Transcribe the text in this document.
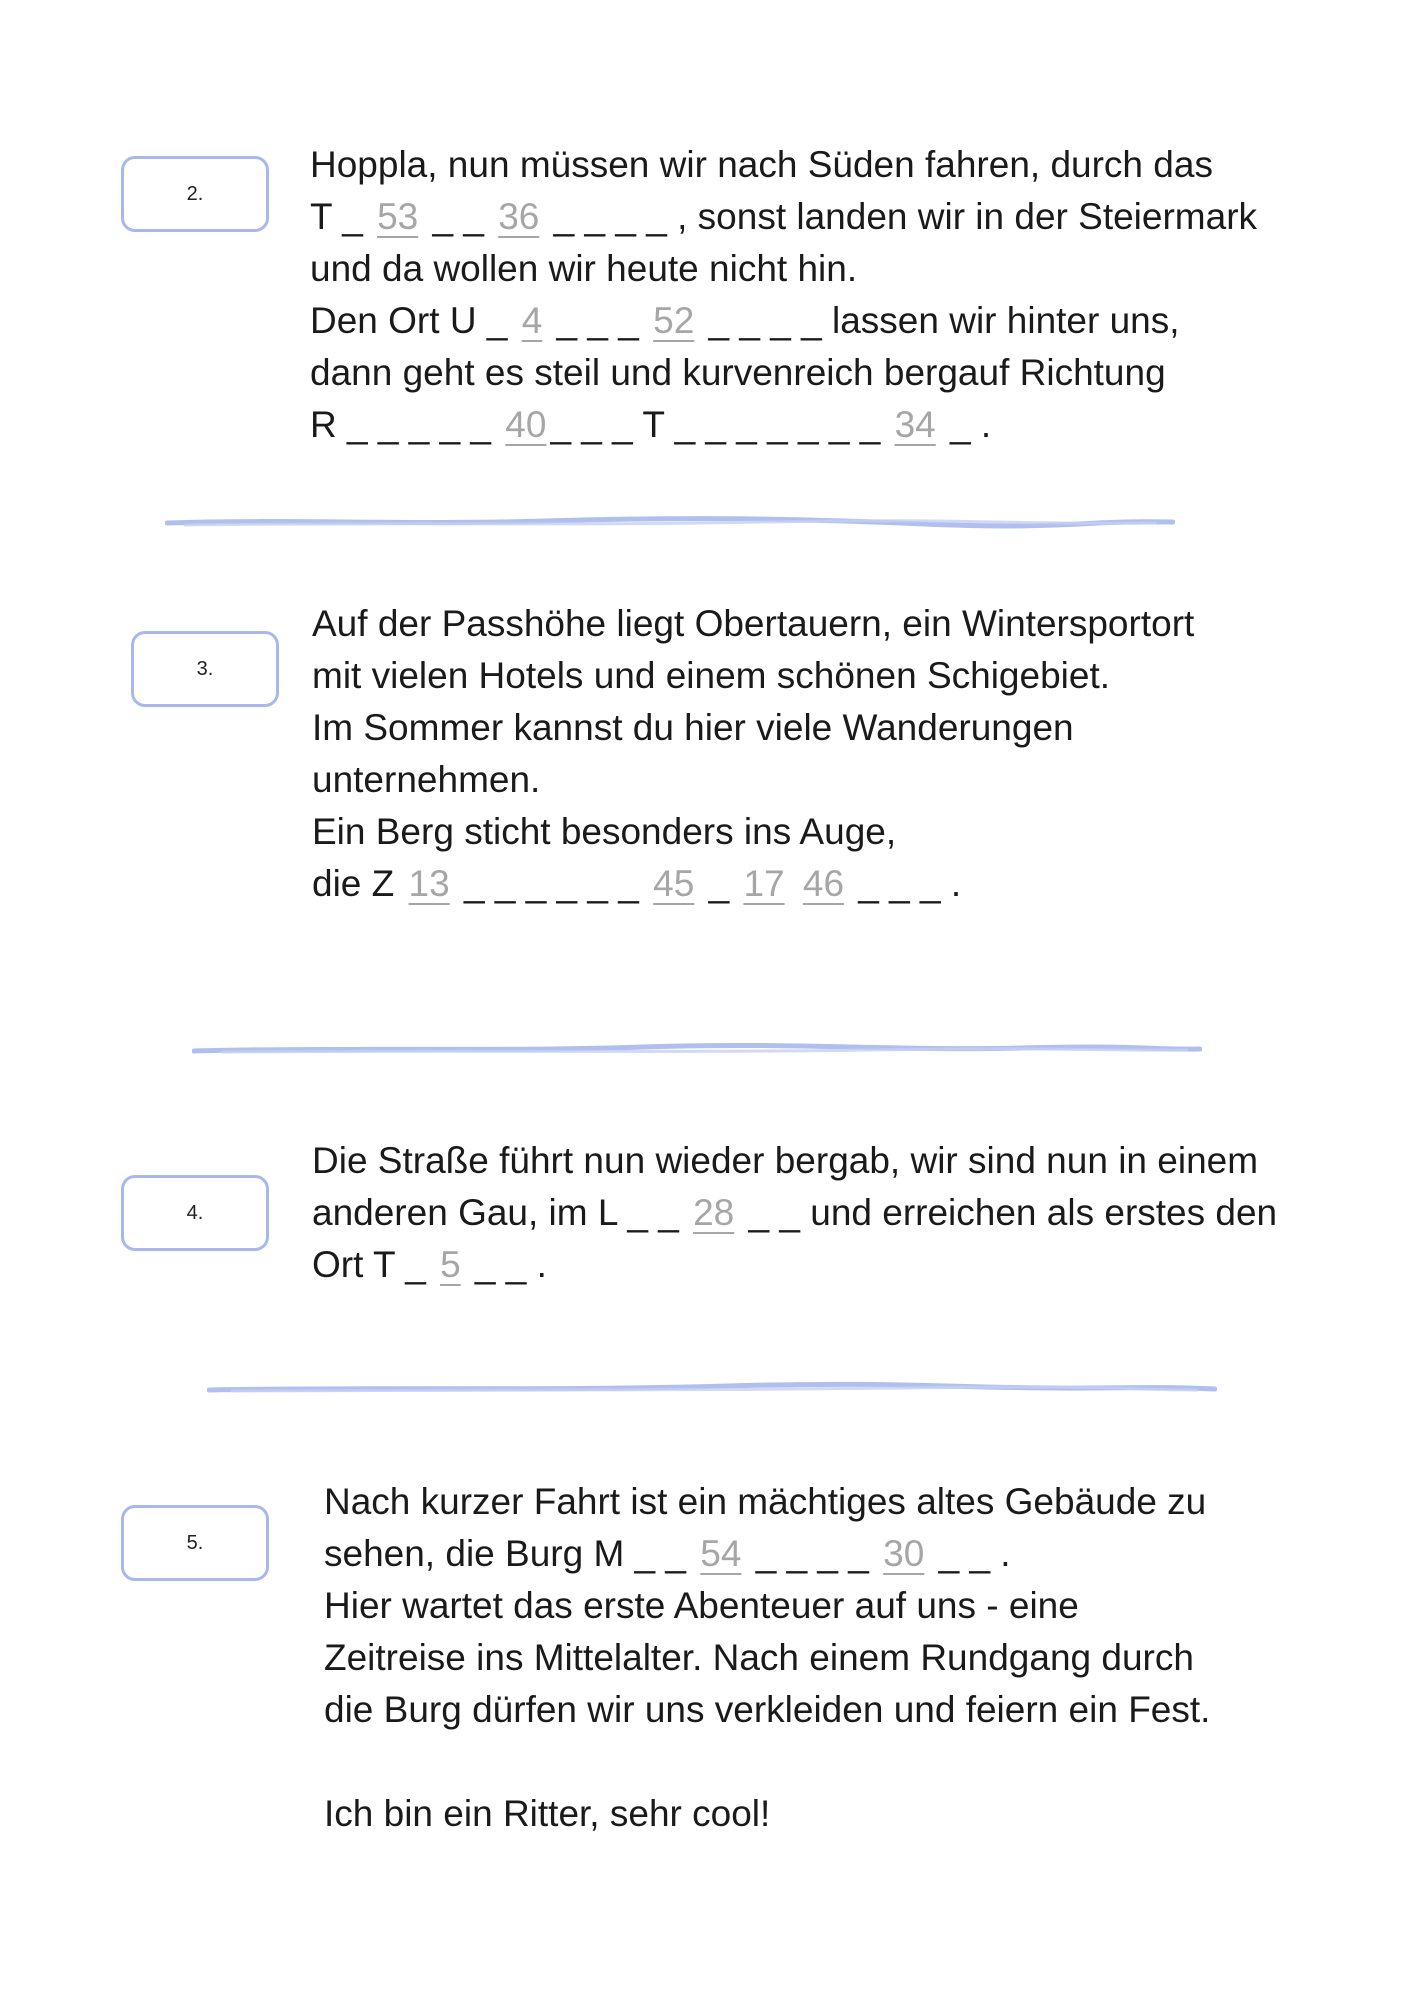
2.
Hoppla, nun müssen wir nach Süden fahren, durch das
T _ 53 _ _ 36 _ _ _ _ , sonst landen wir in der Steiermark
und da wollen wir heute nicht hin.
Den Ort U _ 4 _ _ _ 52 _ _ _ _ lassen wir hinter uns,
dann geht es steil und kurvenreich bergauf Richtung
R _ _ _ _ _ 40 _ _ _ T _ _ _ _ _ _ _ 34 _ .
3.
Auf der Passhöhe liegt Obertauern, ein Wintersportort
mit vielen Hotels und einem schönen Schigebiet.
Im Sommer kannst du hier viele Wanderungen
unternehmen.
Ein Berg sticht besonders ins Auge,
die Z 13 _ _ _ _ _ _ 45 _ 17 46 _ _ _ .
4.
Die Straße führt nun wieder bergab, wir sind nun in einem
anderen Gau, im L _ _ 28 _ _ und erreichen als erstes den
Ort T _ 5 _ _ .
5.
Nach kurzer Fahrt ist ein mächtiges altes Gebäude zu
sehen, die Burg M _ _ 54 _ _ _ _ 30 _ _ .
Hier wartet das erste Abenteuer auf uns - eine
Zeitreise ins Mittelalter. Nach einem Rundgang durch
die Burg dürfen wir uns verkleiden und feiern ein Fest.
Ich bin ein Ritter, sehr cool!
